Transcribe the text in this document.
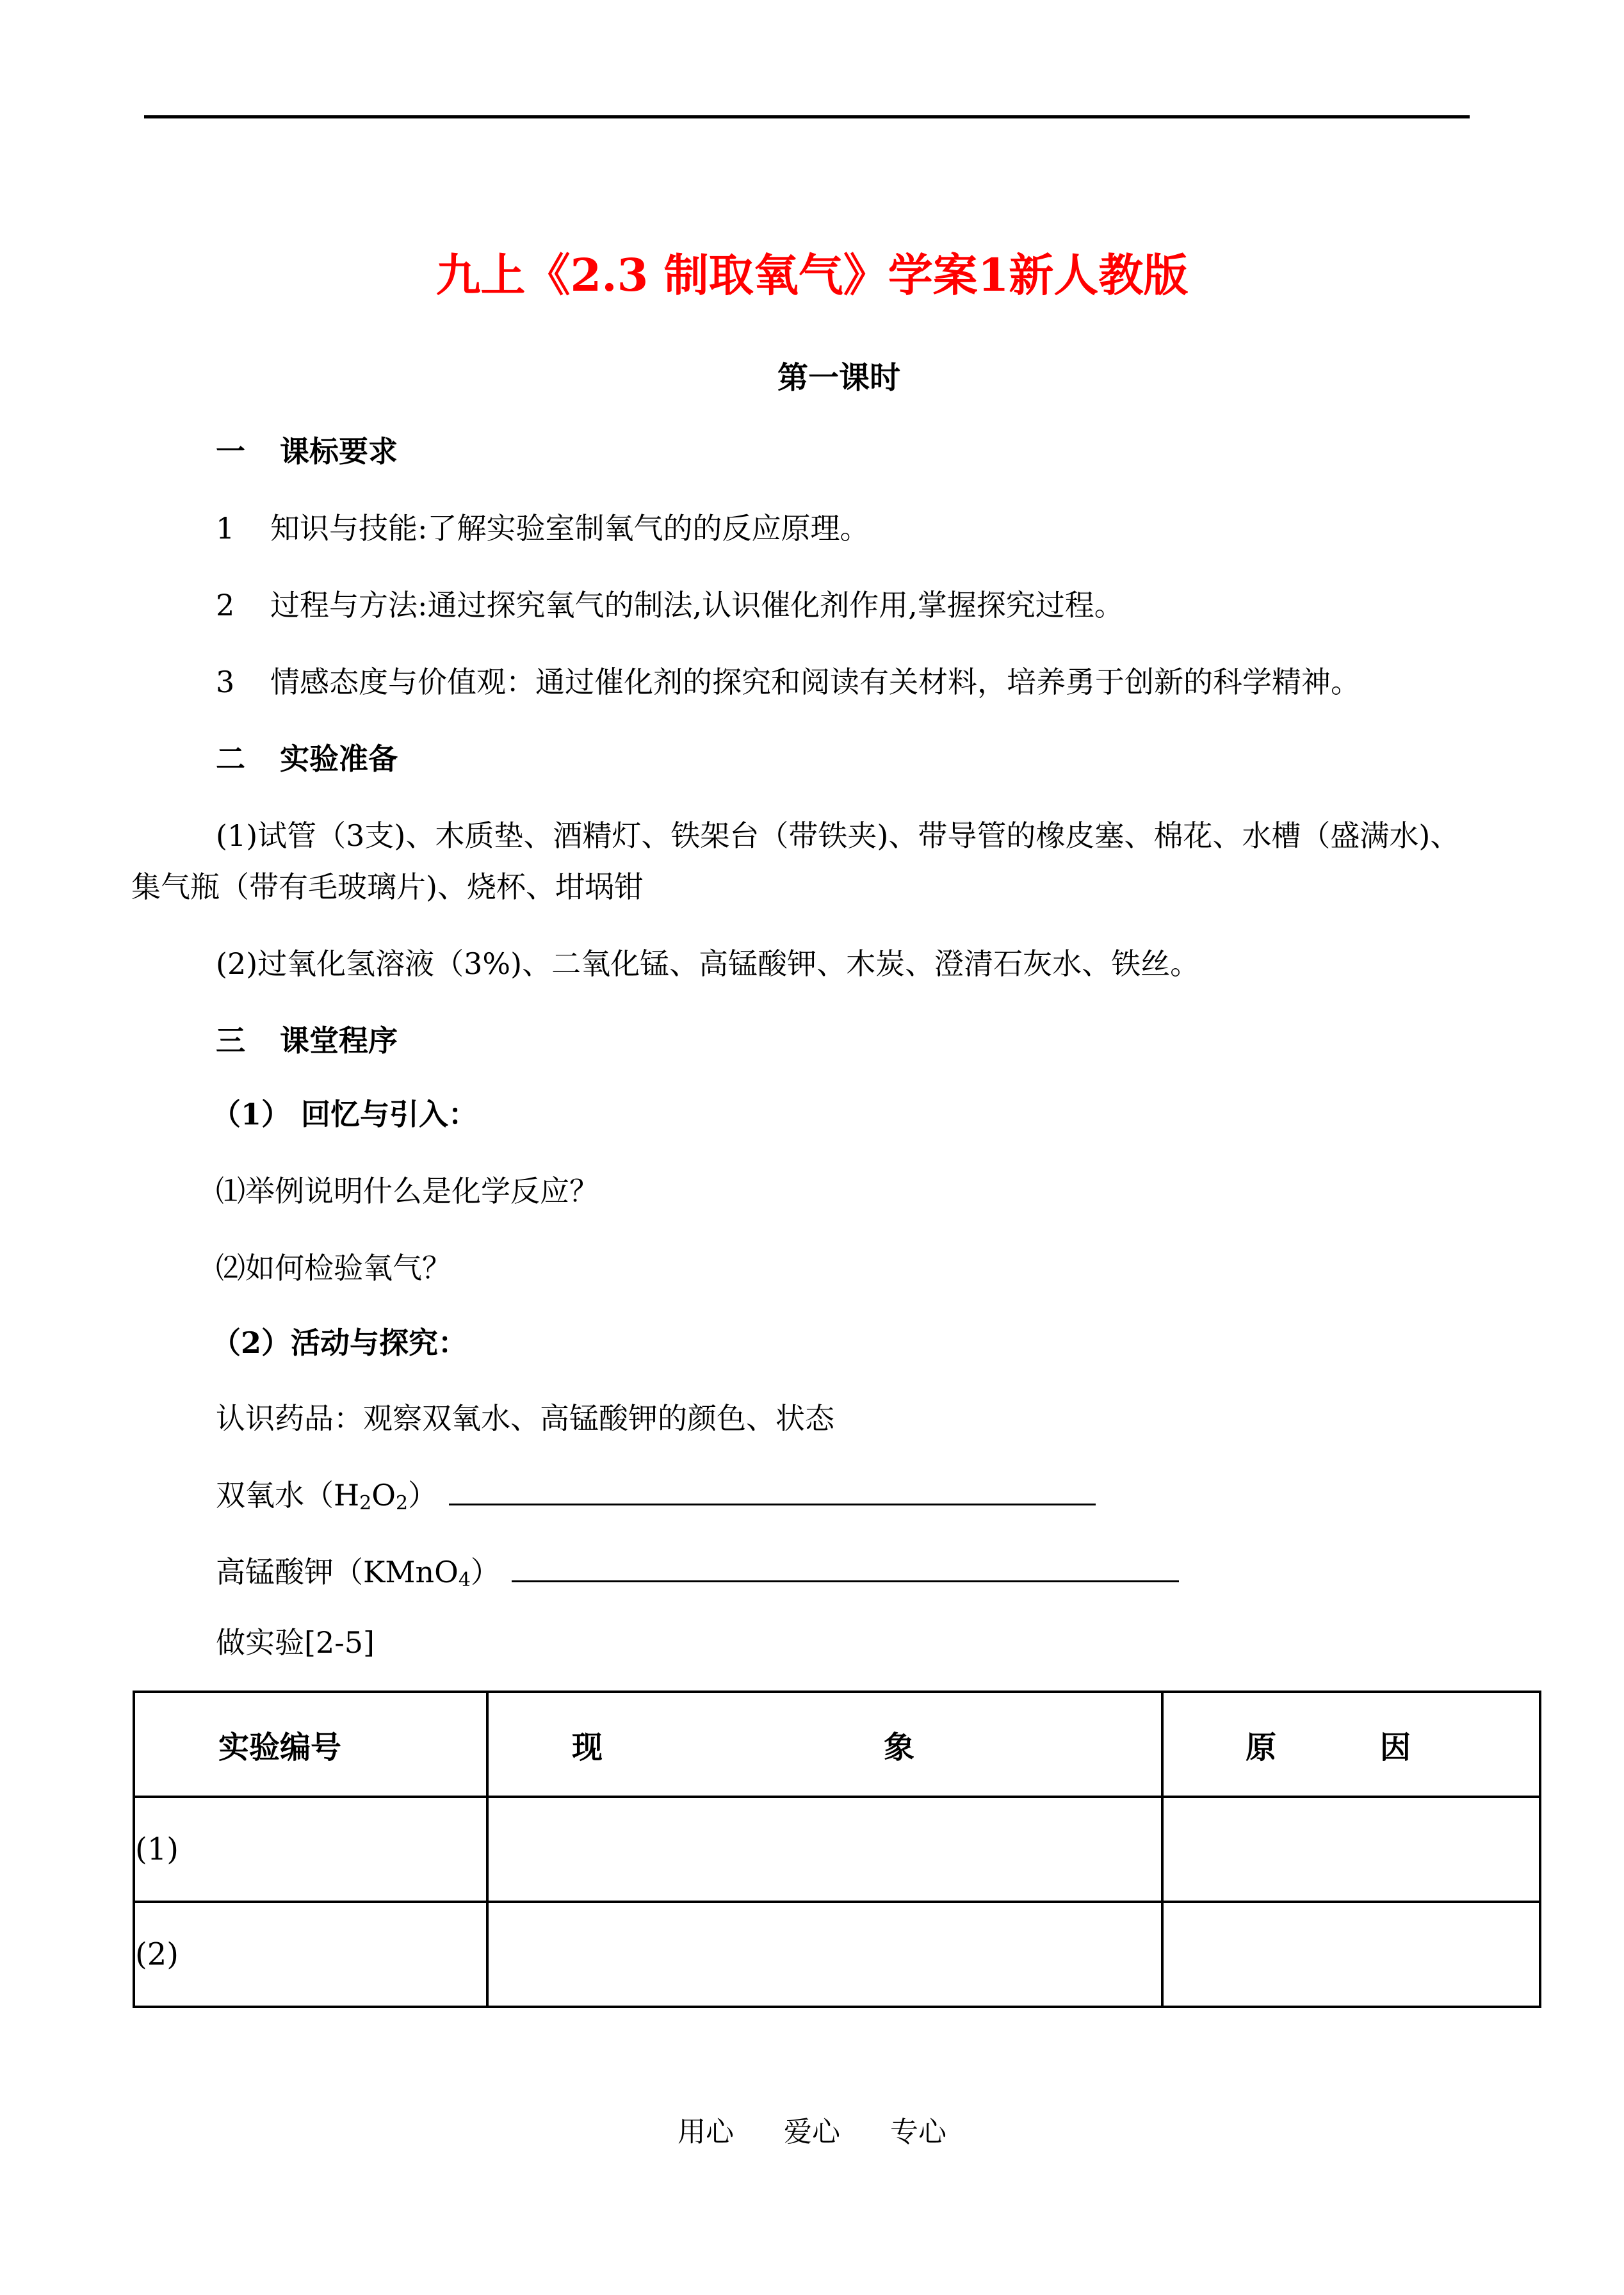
九上《2.3 制取氧气》学案1新人教版
第一课时
一 课标要求
1 知识与技能:了解实验室制氧气的的反应原理。
2 过程与方法:通过探究氧气的制法,认识催化剂作用,掌握探究过程。
3 情感态度与价值观：通过催化剂的探究和阅读有关材料，培养勇于创新的科学精神。
二 实验准备
(1)试管（3支)、木质垫、酒精灯、铁架台（带铁夹)、带导管的橡皮塞、棉花、水槽（盛满水)、集气瓶（带有毛玻璃片)、烧杯、坩埚钳
(2)过氧化氢溶液（3%)、二氧化锰、高锰酸钾、木炭、澄清石灰水、铁丝。
三 课堂程序
（1） 回忆与引入：
⑴举例说明什么是化学反应？
⑵如何检验氧气？
（2）活动与探究：
认识药品：观察双氧水、高锰酸钾的颜色、状态
双氧水$(H_2O_2)$
高锰酸钾（KMnO$_4$）
做实验[2-5]
实验编号	现 象	原 因

(1)		
(2)		
用心 爱心 专心
